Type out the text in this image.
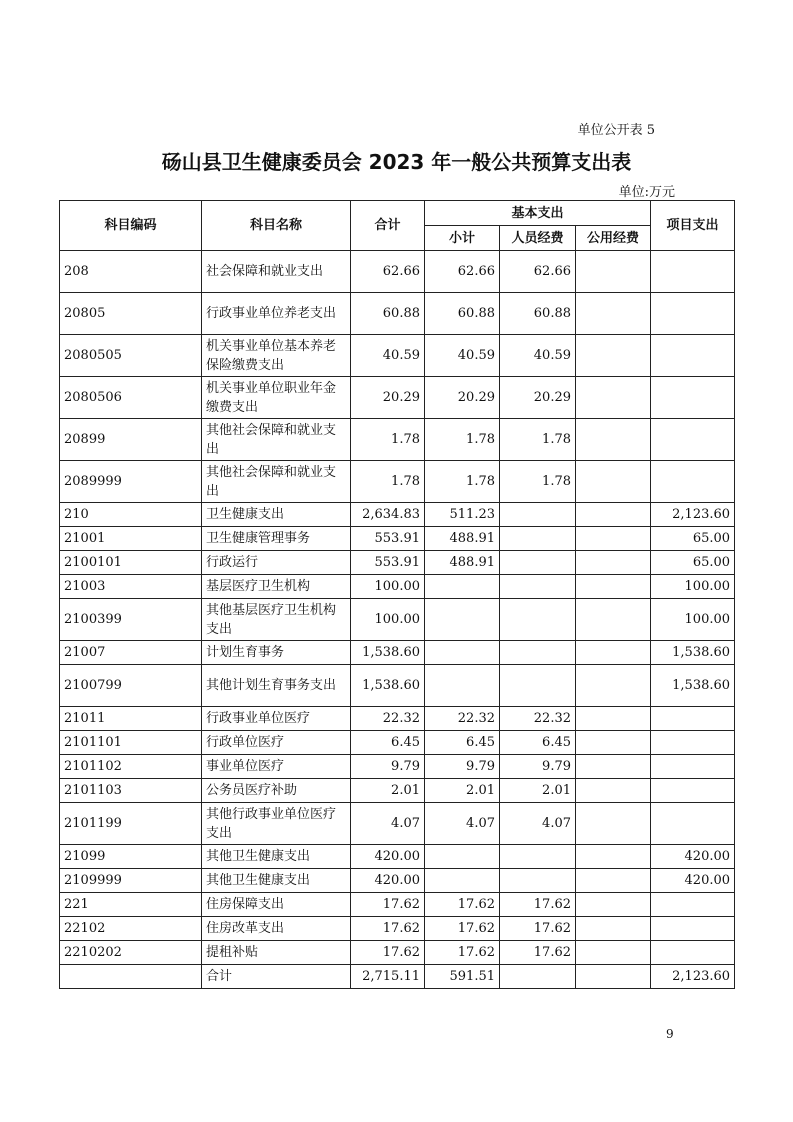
单位公开表 5
砀山县卫生健康委员会 2023 年一般公共预算支出表
单位:万元
科目编码	科目名称	合计	基本支出			项目支出
			小计	人员经费	公用经费	
208	社会保障和就业支出	62.66	62.66	62.66		
20805	行政事业单位养老支出	60.88	60.88	60.88		
2080505	机关事业单位基本养老保险缴费支出	40.59	40.59	40.59		
2080506	机关事业单位职业年金缴费支出	20.29	20.29	20.29		
20899	其他社会保障和就业支出	1.78	1.78	1.78		
2089999	其他社会保障和就业支出	1.78	1.78	1.78		
210	卫生健康支出	2,634.83	511.23			2,123.60
21001	卫生健康管理事务	553.91	488.91			65.00
2100101	行政运行	553.91	488.91			65.00
21003	基层医疗卫生机构	100.00				100.00
2100399	其他基层医疗卫生机构支出	100.00				100.00
21007	计划生育事务	1,538.60				1,538.60
2100799	其他计划生育事务支出	1,538.60				1,538.60
21011	行政事业单位医疗	22.32	22.32	22.32		
2101101	行政单位医疗	6.45	6.45	6.45		
2101102	事业单位医疗	9.79	9.79	9.79		
2101103	公务员医疗补助	2.01	2.01	2.01		
2101199	其他行政事业单位医疗支出	4.07	4.07	4.07		
21099	其他卫生健康支出	420.00				420.00
2109999	其他卫生健康支出	420.00				420.00
221	住房保障支出	17.62	17.62	17.62		
22102	住房改革支出	17.62	17.62	17.62		
2210202	提租补贴	17.62	17.62	17.62		
	合计	2,715.11	591.51			2,123.60
9
